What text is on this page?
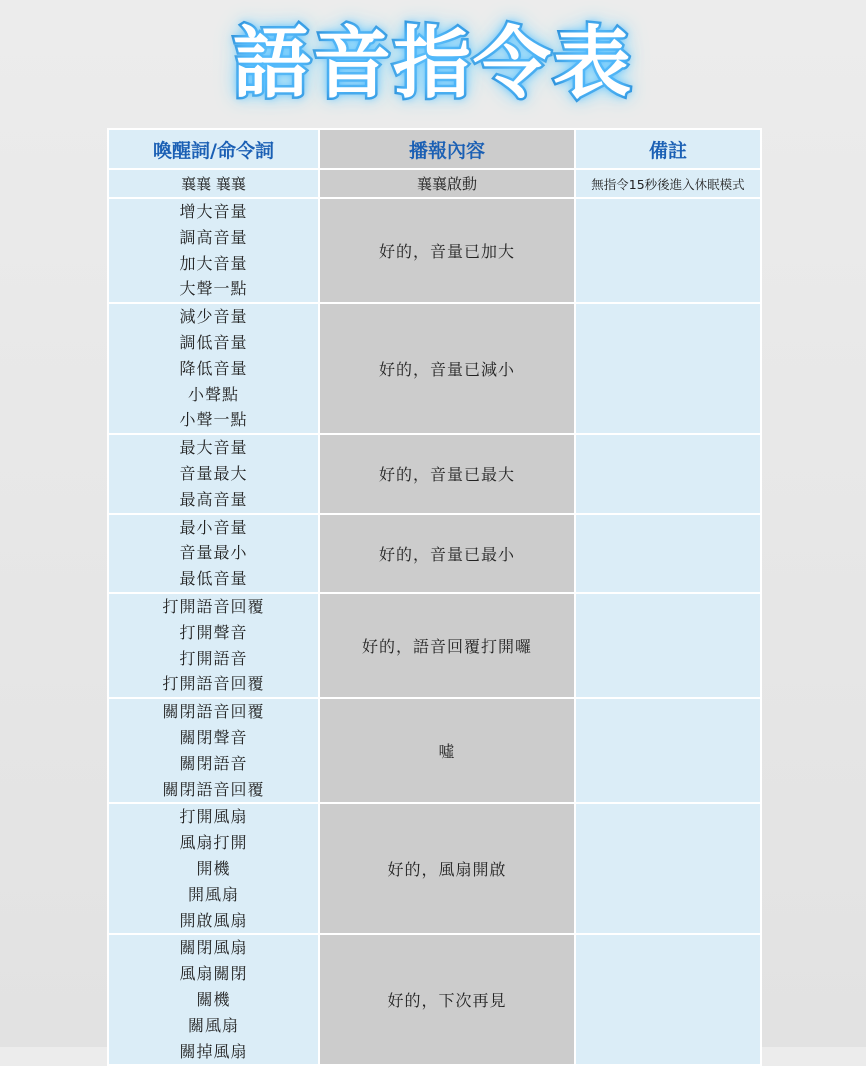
語音指令表
喚醒詞/命令詞	播報內容	備註
襄襄 襄襄	襄襄啟動	無指令15秒後進入休眠模式

增大音量
調高音量
加大音量
大聲一點	好的，音量已加大	

減少音量
調低音量
降低音量
小聲點
小聲一點	好的，音量已減小	

最大音量
音量最大
最高音量	好的，音量已最大	

最小音量
音量最小
最低音量	好的，音量已最小	

打開語音回覆
打開聲音
打開語音
打開語音回覆	好的，語音回覆打開囉	

關閉語音回覆
關閉聲音
關閉語音
關閉語音回覆	噓	

打開風扇
風扇打開
開機
開風扇
開啟風扇	好的，風扇開啟	

關閉風扇
風扇關閉
關機
關風扇
關掉風扇	好的，下次再見	
